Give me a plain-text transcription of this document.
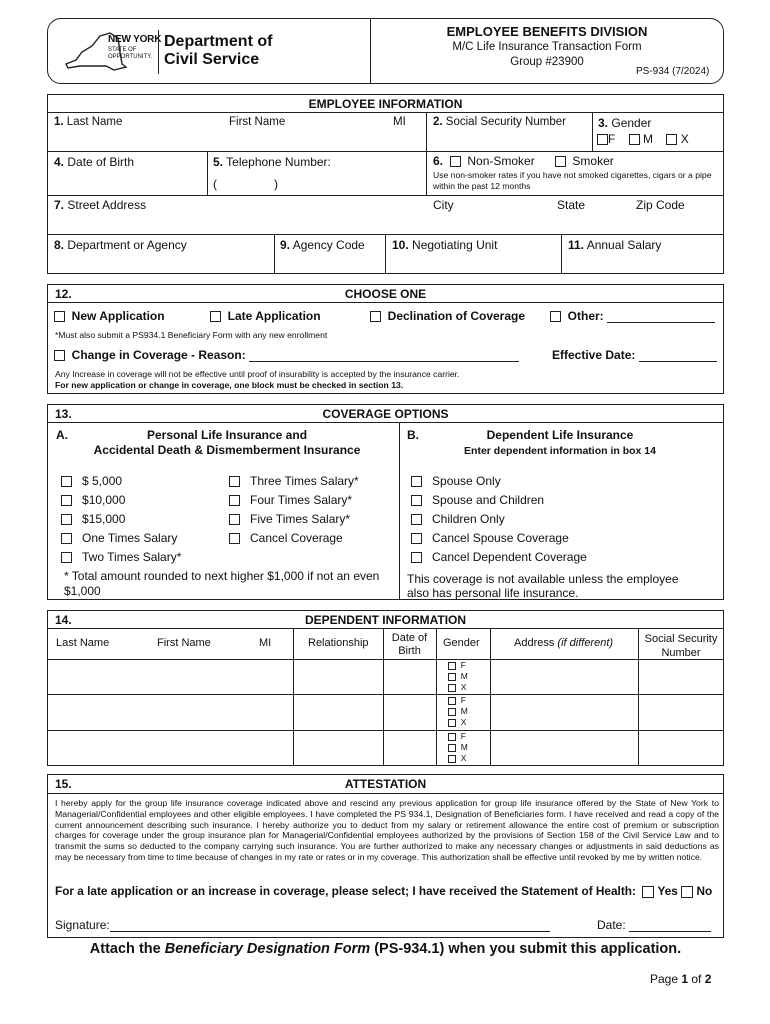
NEW YORK
STATE OF
OPPORTUNITY.
Department of
Civil Service
EMPLOYEE BENEFITS DIVISION
M/C Life Insurance Transaction Form
Group #23900
PS-934 (7/2024)
EMPLOYEE INFORMATION
1. Last Name	First Name	MI 2. Social Security Number	3. Gender
F M X
4. Date of Birth	5. Telephone Number:
(	)
6. Non-Smoker	Smoker
Use non-smoker rates if you have not smoked cigarettes, cigars or a pipe within the past 12 months
7. Street Address	City	State	Zip Code
8. Department or Agency	9. Agency Code 10. Negotiating Unit	11. Annual Salary
12.	CHOOSE ONE
New Application	Late Application	Declination of Coverage	Other:
*Must also submit a PS934.1 Beneficiary Form with any new enrollment
Change in Coverage - Reason:	Effective Date:
Any Increase in coverage will not be effective until proof of insurability is accepted by the insurance carrier.
For new application or change in coverage, one block must be checked in section 13.
13.	COVERAGE OPTIONS
A.	Personal Life Insurance and
Accidental Death & Dismemberment Insurance
B.	Dependent Life Insurance
Enter dependent information in box 14
$ 5,000
$10,000
$15,000
One Times Salary
Two Times Salary*
Three Times Salary*
Four Times Salary*
Five Times Salary*
Cancel Coverage
Spouse Only
Spouse and Children
Children Only
Cancel Spouse Coverage
Cancel Dependent Coverage
* Total amount rounded to next higher $1,000 if not an even
$1,000
This coverage is not available unless the employee
also has personal life insurance.
14.	DEPENDENT INFORMATION
Last Name	First Name	MI	Relationship	Date of
Birth
Gender	Address (if different)	Social Security
Number
F
M
X
F
M
X
F
M
X
15.	ATTESTATION
I hereby apply for the group life insurance coverage indicated above and rescind any previous application for group life insurance offered by the State of New York to Managerial/Confidential employees and other eligible employees. I have completed the PS 934.1, Designation of Beneficiaries form. I have received and read a copy of the current announcement describing such insurance. I hereby authorize you to deduct from my salary or retirement allowance the entire cost of premium or subscription charges for coverage under the group insurance plan for Managerial/Confidential employees authorized by the provisions of Section 158 of the Civil Service Law and to transmit the sums so deducted to the company carrying such insurance. You are further authorized to make any necessary changes or adjustments in said deductions as may be necessary from time to time because of changes in my rate or rates or in my coverage. This authorization shall be effective until revoked by me by written notice.
For a late application or an increase in coverage, please select; I have received the Statement of Health: Yes No
Signature:	Date:
Attach the Beneficiary Designation Form (PS-934.1) when you submit this application.
Page 1 of 2
